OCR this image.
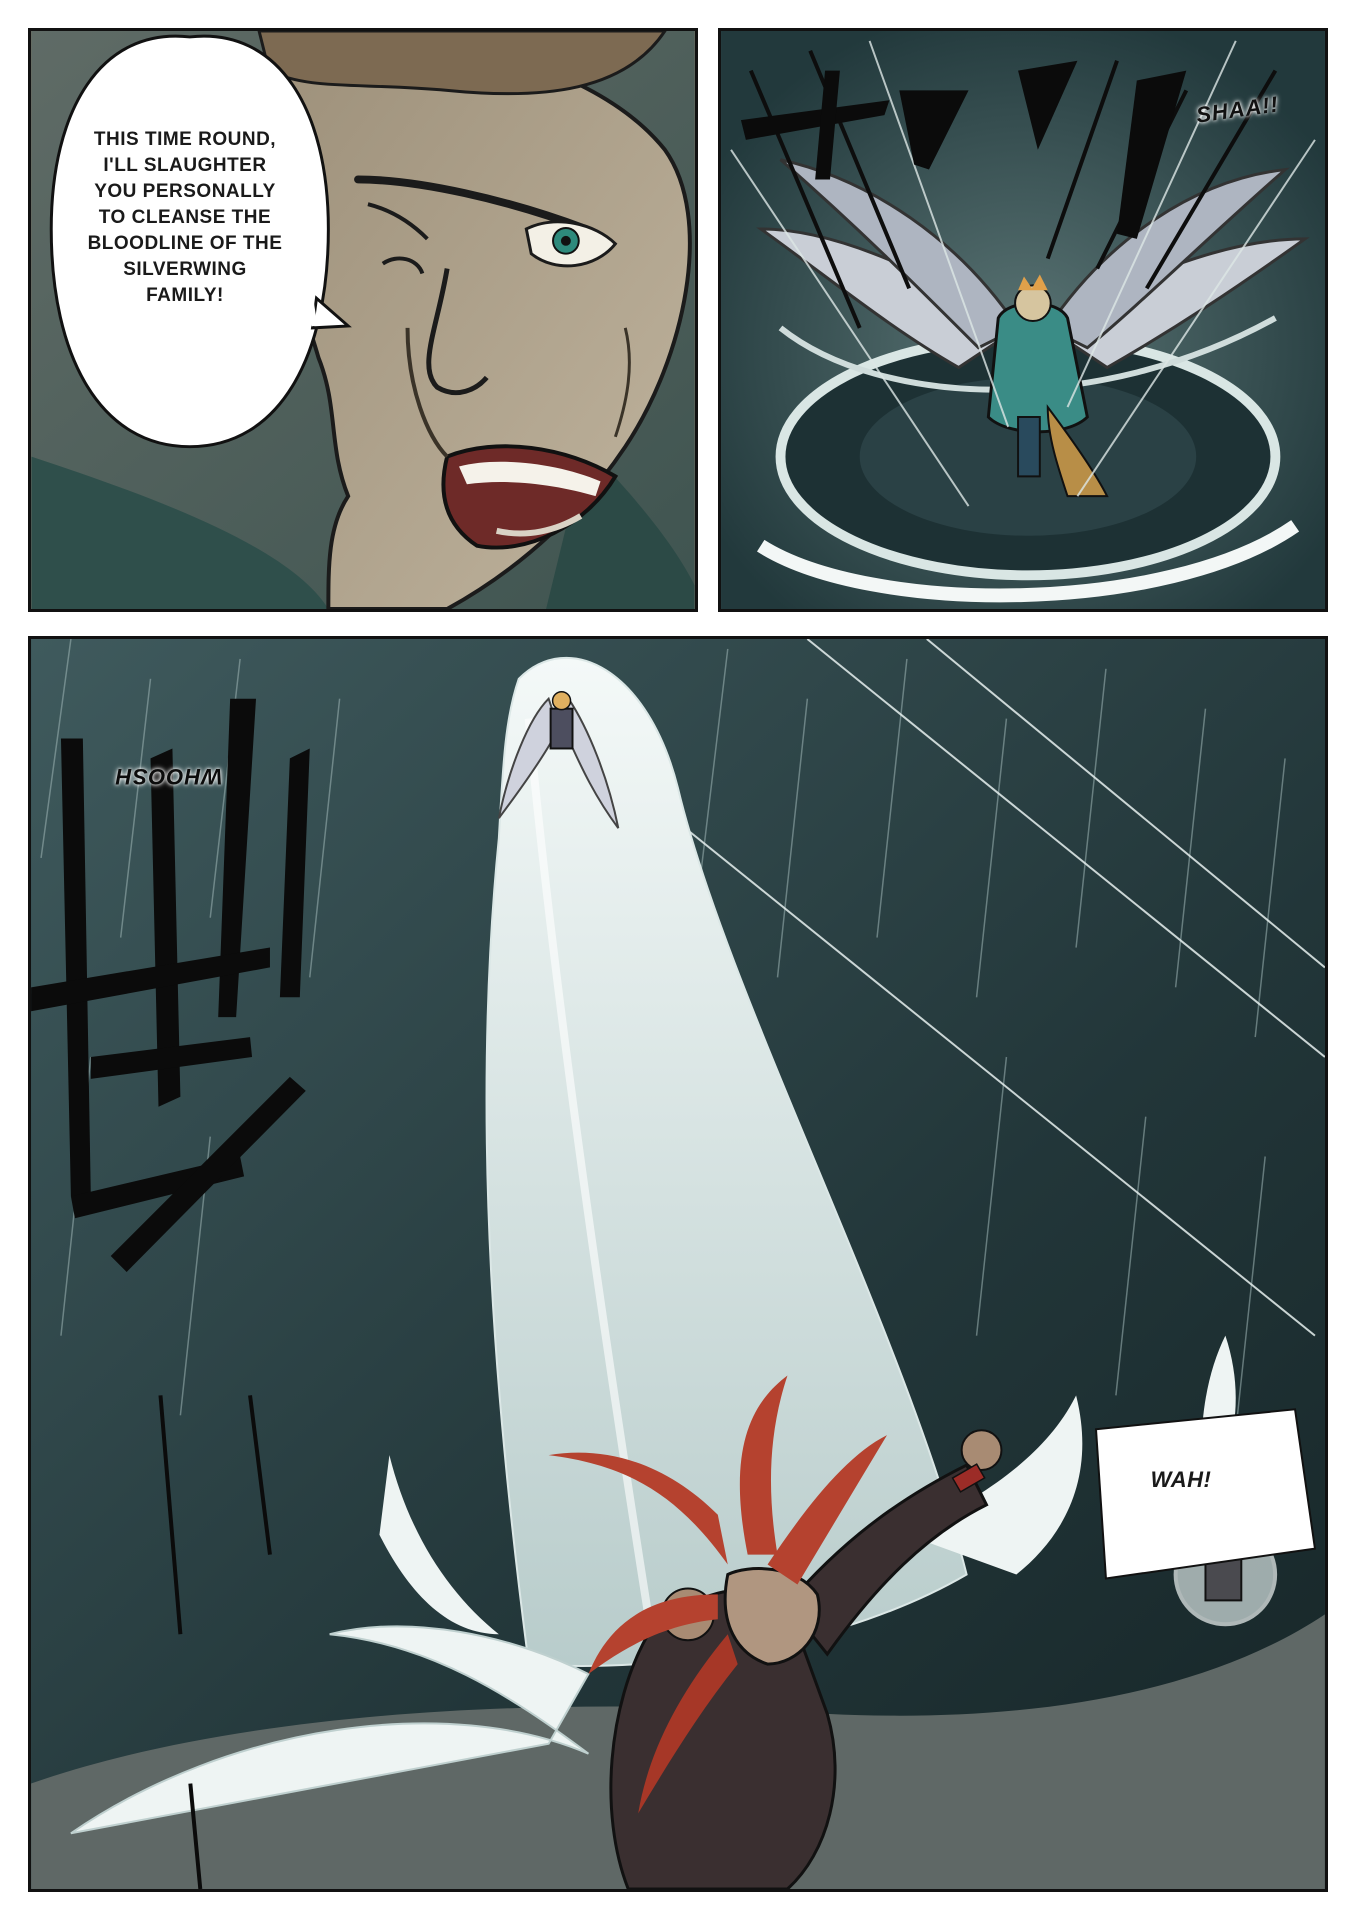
THIS TIME ROUND, I'LL SLAUGHTER YOU PERSONALLY TO CLEANSE THE BLOODLINE OF THE SILVERWING FAMILY!
SHAA!!
WHOOSH
WAH!
